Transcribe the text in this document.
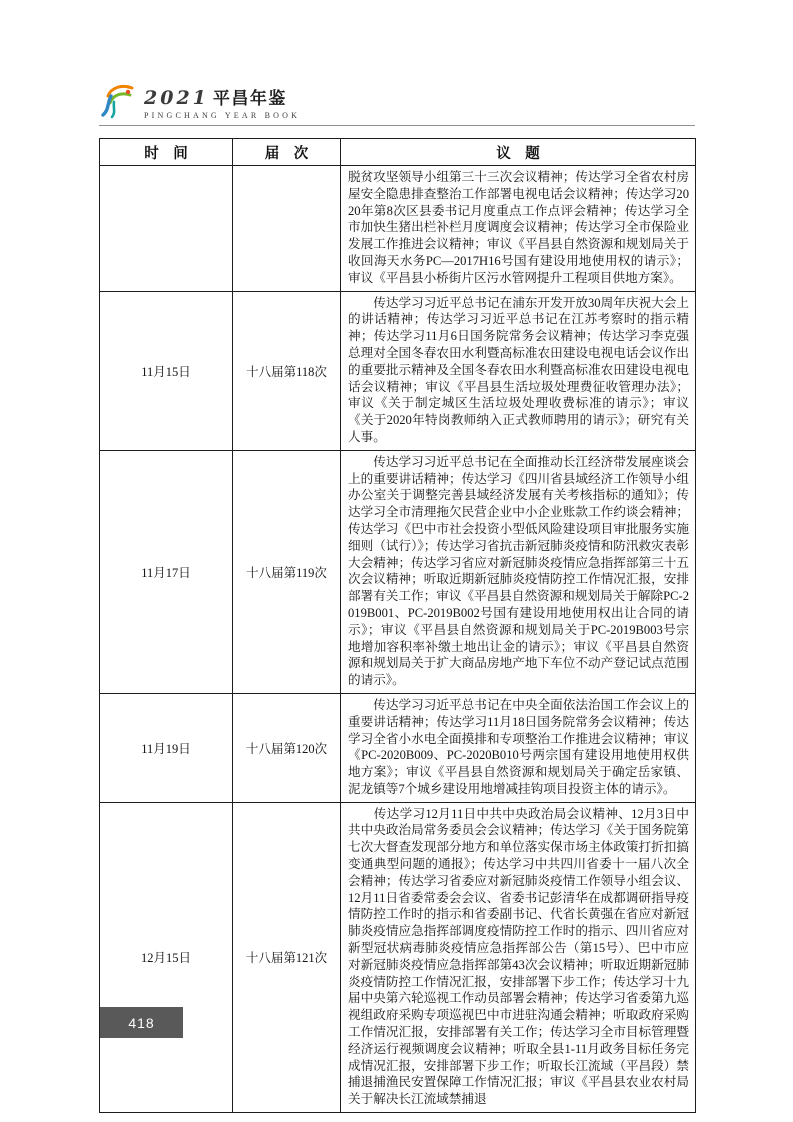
2021 平昌年鉴
PINGCHANG YEAR BOOK
时　间	届　次	议　题

		脱贫攻坚领导小组第三十三次会议精神；传达学习全省农村房屋安全隐患排查整治工作部署电视电话会议精神；传达学习2020年第8次区县委书记月度重点工作点评会精神；传达学习全市加快生猪出栏补栏月度调度会议精神；传达学习全市保险业发展工作推进会议精神；审议《平昌县自然资源和规划局关于收回海天水务PC—2017H16号国有建设用地使用权的请示》；审议《平昌县小桥街片区污水管网提升工程项目供地方案》。

11月15日	十八届第118次	　　传达学习习近平总书记在浦东开发开放30周年庆祝大会上的讲话精神；传达学习习近平总书记在江苏考察时的指示精神；传达学习11月6日国务院常务会议精神；传达学习李克强总理对全国冬春农田水利暨高标准农田建设电视电话会议作出的重要批示精神及全国冬春农田水利暨高标准农田建设电视电话会议精神；审议《平昌县生活垃圾处理费征收管理办法》；审议《关于制定城区生活垃圾处理收费标准的请示》；审议《关于2020年特岗教师纳入正式教师聘用的请示》；研究有关人事。

11月17日	十八届第119次	　　传达学习习近平总书记在全面推动长江经济带发展座谈会上的重要讲话精神；传达学习《四川省县域经济工作领导小组办公室关于调整完善县域经济发展有关考核指标的通知》；传达学习全市清理拖欠民营企业中小企业账款工作约谈会精神；传达学习《巴中市社会投资小型低风险建设项目审批服务实施细则（试行）》；传达学习省抗击新冠肺炎疫情和防汛救灾表彰大会精神；传达学习省应对新冠肺炎疫情应急指挥部第三十五次会议精神；听取近期新冠肺炎疫情防控工作情况汇报，安排部署有关工作；审议《平昌县自然资源和规划局关于解除PC-2019B001、PC-2019B002号国有建设用地使用权出让合同的请示》；审议《平昌县自然资源和规划局关于PC-2019B003号宗地增加容积率补缴土地出让金的请示》；审议《平昌县自然资源和规划局关于扩大商品房地产地下车位不动产登记试点范围的请示》。

11月19日	十八届第120次	　　传达学习习近平总书记在中央全面依法治国工作会议上的重要讲话精神；传达学习11月18日国务院常务会议精神；传达学习全省小水电全面摸排和专项整治工作推进会议精神；审议《PC-2020B009、PC-2020B010号两宗国有建设用地使用权供地方案》；审议《平昌县自然资源和规划局关于确定岳家镇、泥龙镇等7个城乡建设用地增减挂钩项目投资主体的请示》。

12月15日	十八届第121次	　　传达学习12月11日中共中央政治局会议精神、12月3日中共中央政治局常务委员会会议精神；传达学习《关于国务院第七次大督查发现部分地方和单位落实保市场主体政策打折扣搞变通典型问题的通报》；传达学习中共四川省委十一届八次全会精神；传达学习省委应对新冠肺炎疫情工作领导小组会议、12月11日省委常委会会议、省委书记彭清华在成都调研指导疫情防控工作时的指示和省委副书记、代省长黄强在省应对新冠肺炎疫情应急指挥部调度疫情防控工作时的指示、四川省应对新型冠状病毒肺炎疫情应急指挥部公告（第15号）、巴中市应对新冠肺炎疫情应急指挥部第43次会议精神；听取近期新冠肺炎疫情防控工作情况汇报，安排部署下步工作；传达学习十九届中央第六轮巡视工作动员部署会精神；传达学习省委第九巡视组政府采购专项巡视巴中市进驻沟通会精神；听取政府采购工作情况汇报，安排部署有关工作；传达学习全市目标管理暨经济运行视频调度会议精神；听取全县1-11月政务目标任务完成情况汇报，安排部署下步工作；听取长江流域（平昌段）禁捕退捕渔民安置保障工作情况汇报；审议《平昌县农业农村局关于解决长江流域禁捕退

418
